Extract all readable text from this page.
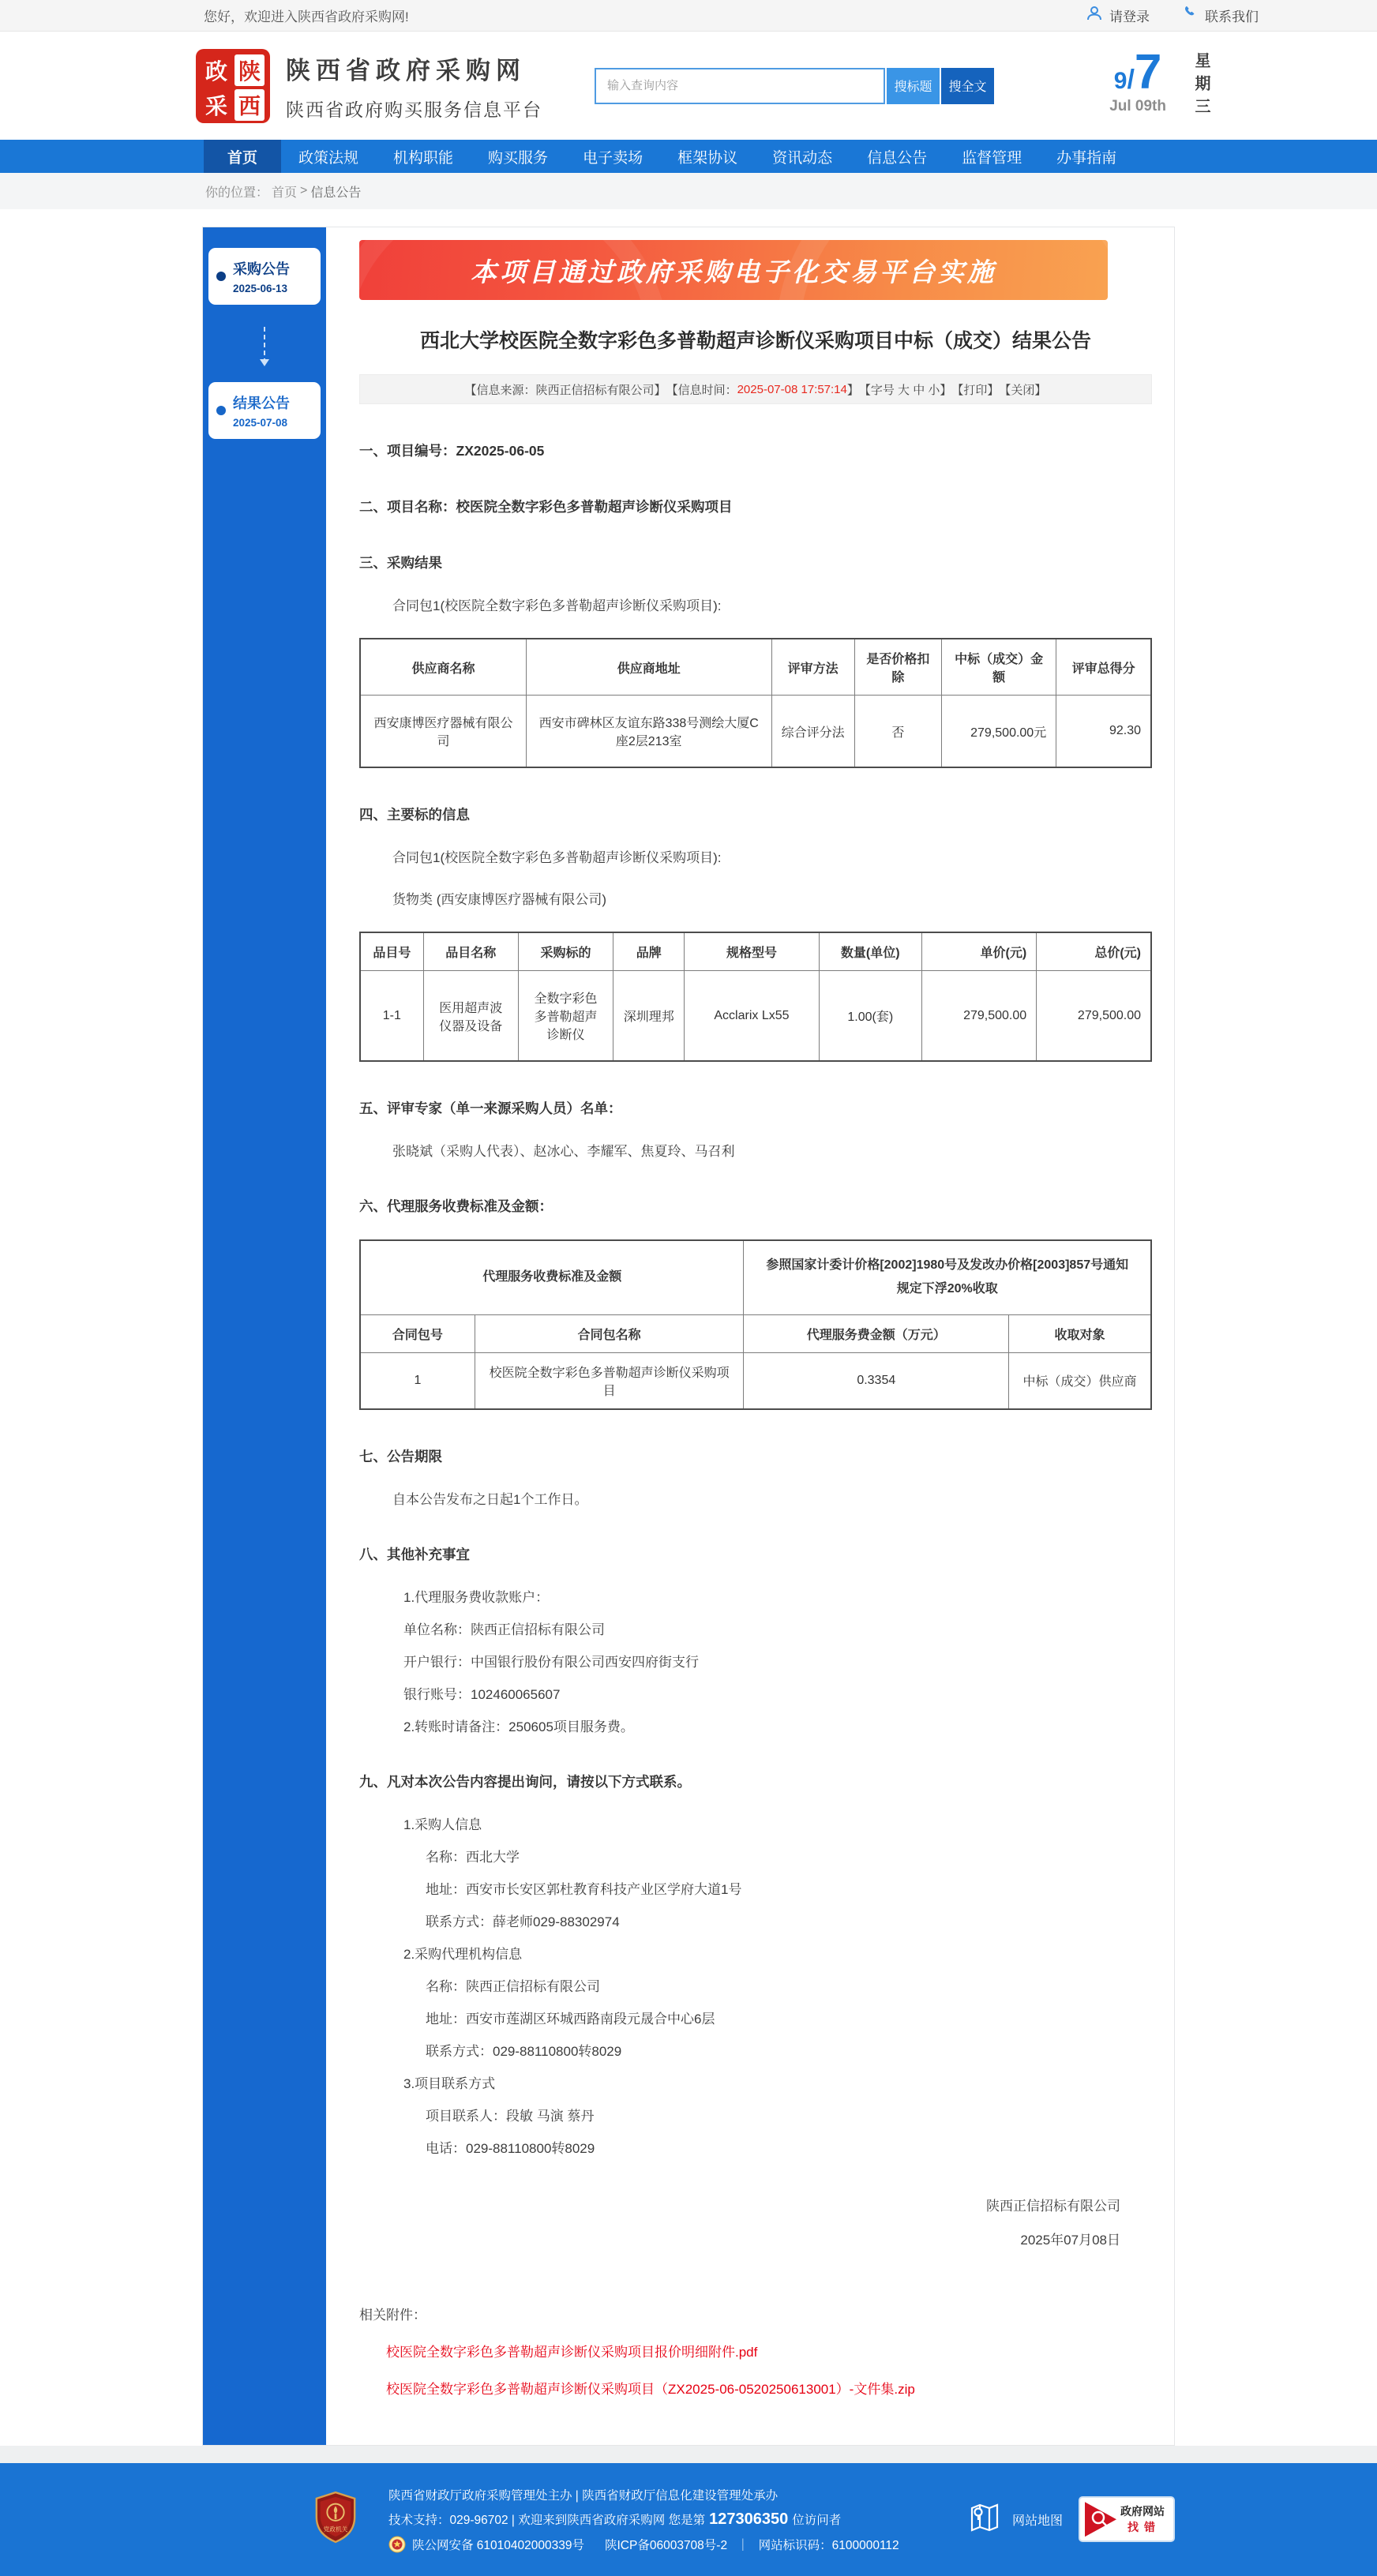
您好，欢迎进入陕西省政府采购网!	请登录	联系我们
政 陕
采 西
陕西省政府采购网
陕西省政府购买服务信息平台
输入查询内容
搜标题	搜全文	9/7
Jul 09th 星期三
首页	政策法规	机构职能	购买服务	电子卖场	框架协议	资讯动态	信息公告	监督管理	办事指南
你的位置： 首页 > 信息公告
采购公告
2025-06-13
结果公告
2025-07-08
本项目通过政府采购电子化交易平台实施
西北大学校医院全数字彩色多普勒超声诊断仪采购项目中标（成交）结果公告
【信息来源：陕西正信招标有限公司】 【信息时间： 2025-07-08 17:57:14 】 【字号 大 中 小】 【打印】 【关闭】
一、项目编号：ZX2025-06-05
二、项目名称：校医院全数字彩色多普勒超声诊断仪采购项目
三、采购结果
合同包1(校医院全数字彩色多普勒超声诊断仪采购项目):
供应商名称	供应商地址	评审方法	是否价格扣除	中标（成交）金额	评审总得分
西安康博医疗器械有限公司	西安市碑林区友谊东路338号测绘大厦C座2层213室	综合评分法	否	279,500.00元	92.30
四、主要标的信息
合同包1(校医院全数字彩色多普勒超声诊断仪采购项目):
货物类 (西安康博医疗器械有限公司)
品目号	品目名称	采购标的	品牌	规格型号	数量(单位)	单价(元)	总价(元)
1-1	医用超声波仪器及设备	全数字彩色多普勒超声诊断仪	深圳理邦	Acclarix Lx55	1.00(套)	279,500.00	279,500.00
五、评审专家（单一来源采购人员）名单：
张晓斌（采购人代表）、赵冰心、李耀军、焦夏玲、马召利
六、代理服务收费标准及金额：
代理服务收费标准及金额		参照国家计委计价格[2002]1980号及发改办价格[2003]857号通知规定下浮20%收取	
合同包号	合同包名称	代理服务费金额（万元）	收取对象
1	校医院全数字彩色多普勒超声诊断仪采购项目	0.3354	中标（成交）供应商
七、公告期限
自本公告发布之日起1个工作日。
八、其他补充事宜
1.代理服务费收款账户：
单位名称：陕西正信招标有限公司
开户银行：中国银行股份有限公司西安四府街支行
银行账号：102460065607
2.转账时请备注：250605项目服务费。
九、凡对本次公告内容提出询问，请按以下方式联系。
1.采购人信息
名称：西北大学
地址：西安市长安区郭杜教育科技产业区学府大道1号
联系方式：薛老师029-88302974
2.采购代理机构信息
名称：陕西正信招标有限公司
地址：西安市莲湖区环城西路南段元晟合中心6层
联系方式：029-88110800转8029
3.项目联系方式
项目联系人：段敏 马演 蔡丹
电话：029-88110800转8029
陕西正信招标有限公司
2025年07月08日
相关附件：
校医院全数字彩色多普勒超声诊断仪采购项目报价明细附件.pdf
校医院全数字彩色多普勒超声诊断仪采购项目（ZX2025-06-0520250613001）-文件集.zip
党政机关
陕西省财政厅政府采购管理处主办 | 陕西省财政厅信息化建设管理处承办
技术支持：029-96702 | 欢迎来到陕西省政府采购网 您是第 127306350 位访问者
陕公网安备 61010402000339号 陕ICP备06003708号-2 ｜ 网站标识码：6100000112
网站地图
政府网站 找错
